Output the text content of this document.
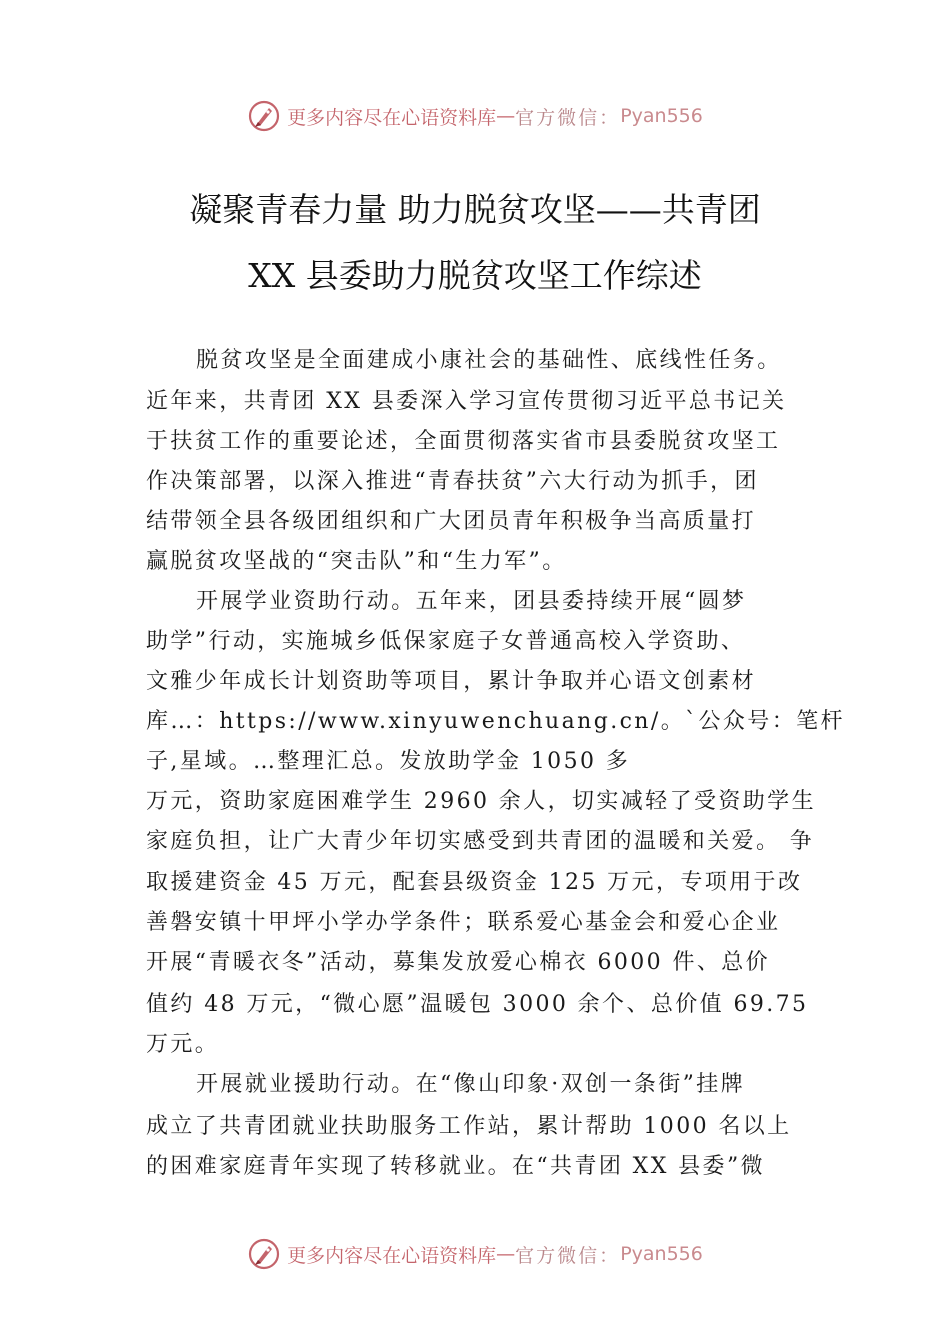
更多内容尽在心语资料库 — 官方微信： Pyan556
凝聚青春力量 助力脱贫攻坚——共青团
XX 县委助力脱贫攻坚工作综述
脱贫攻坚是全面建成小康社会的基础性、底线性任务。
近年来，共青团 XX 县委深入学习宣传贯彻习近平总书记关
于扶贫工作的重要论述，全面贯彻落实省市县委脱贫攻坚工
作决策部署，以深入推进“青春扶贫”六大行动为抓手，团
结带领全县各级团组织和广大团员青年积极争当高质量打
赢脱贫攻坚战的“突击队”和“生力军”。
开展学业资助行动。五年来，团县委持续开展“圆梦
助学”行动，实施城乡低保家庭子女普通高校入学资助、
文雅少年成长计划资助等项目，累计争取并心语文创素材
库…：https://www.xinyuwenchuang.cn/。`公众号：笔杆
子,星域。…整理汇总。发放助学金 1050 多
万元，资助家庭困难学生 2960 余人，切实减轻了受资助学生
家庭负担，让广大青少年切实感受到共青团的温暖和关爱。 争
取援建资金 45 万元，配套县级资金 125 万元，专项用于改
善磐安镇十甲坪小学办学条件；联系爱心基金会和爱心企业
开展“青暖衣冬”活动，募集发放爱心棉衣 6000 件、总价
值约 48 万元，“微心愿”温暖包 3000 余个、总价值 69.75
万元。
开展就业援助行动。在“像山印象·双创一条街”挂牌
成立了共青团就业扶助服务工作站，累计帮助 1000 名以上
的困难家庭青年实现了转移就业。在“共青团 XX 县委”微
更多内容尽在心语资料库 — 官方微信： Pyan556
